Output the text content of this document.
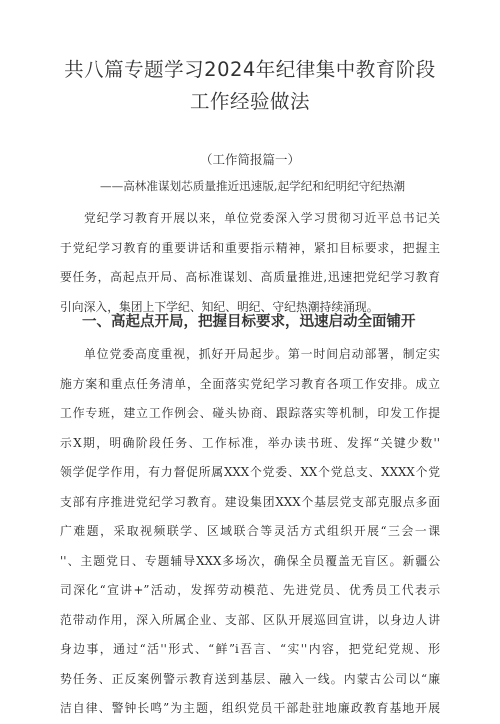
共八篇专题学习2024年纪律集中教育阶段
工作经验做法
（工作简报篇一）
——高林准谋划芯质量推近迅速版,起学纪和纪明纪守纪热潮
党纪学习教育开展以来，单位党委深入学习贯彻习近平总书记关
于党纪学习教育的重要讲话和重要指示精神，紧扣目标要求，把握主
要任务，高起点开局、高标准谋划、高质量推进,迅速把党纪学习教育
引向深入，集团上下学纪、知纪、明纪、守纪热潮持续涌现。
一、高起点开局，把握目标要求，迅速启动全面铺开
单位党委高度重视，抓好开局起步。第一时间启动部署，制定实
施方案和重点任务清单，全面落实党纪学习教育各项工作安排。成立
工作专班，建立工作例会、碰头协商、跟踪落实等机制，印发工作提
示X期，明确阶段任务、工作标准，举办读书班、发挥“关键少数''
领学促学作用，有力督促所属XXX个党委、XX个党总支、XXXX个党
支部有序推进党纪学习教育。建设集团XXX个基层党支部克服点多面
广难题，采取视频联学、区域联合等灵活方式组织开展“三会一课
''、主题党日、专题辅导XXX多场次，确保全员覆盖无盲区。新疆公
司深化“宣讲+”活动，发挥劳动模范、先进党员、优秀员工代表示
范带动作用，深入所属企业、支部、区队开展巡回宣讲，以身边人讲
身边事，通过“活''形式、“鲜”i吾言、“实''内容，把党纪党规、形
势任务、正反案例警示教育送到基层、融入一线。内蒙古公司以“廉
洁自律、警钟长鸣”为主题，组织党员干部赴驻地廉政教育基地开展
